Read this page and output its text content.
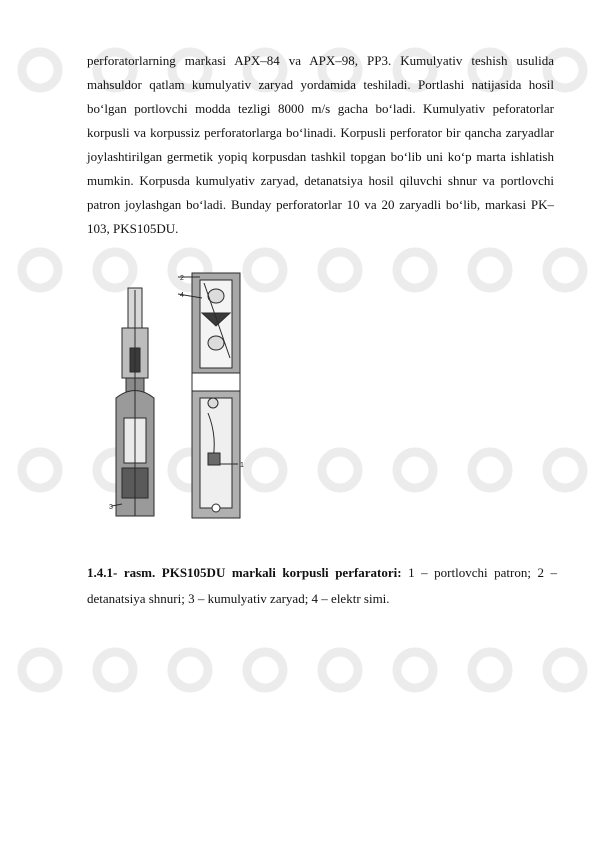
perforatorlarning markasi APX–84 va APX–98, PP3. Kumulyativ teshish usulida mahsuldor qatlam kumulyativ zaryad yordamida teshiladi. Portlashi natijasida hosil bo‘lgan portlovchi modda tezligi 8000 m/s gacha bo‘ladi. Kumulyativ peforatorlar korpusli va korpussiz perforatorlarga bo‘linadi. Korpusli perforator bir qancha zaryadlar joylashtirilgan germetik yopiq korpusdan tashkil topgan bo‘lib uni ko‘p marta ishlatish mumkin. Korpusda kumulyativ zaryad, detanatsiya hosil qiluvchi shnur va portlovchi patron joylashgan bo‘ladi. Bunday perforatorlar 10 va 20 zaryadli bo‘lib, markasi PK–103, PKS105DU.

2
4
1
3

1.4.1- rasm. PKS105DU markali korpusli perfaratori: 1 – portlovchi patron; 2 – detanatsiya shnuri; 3 – kumulyativ zaryad; 4 – elektr simi.
